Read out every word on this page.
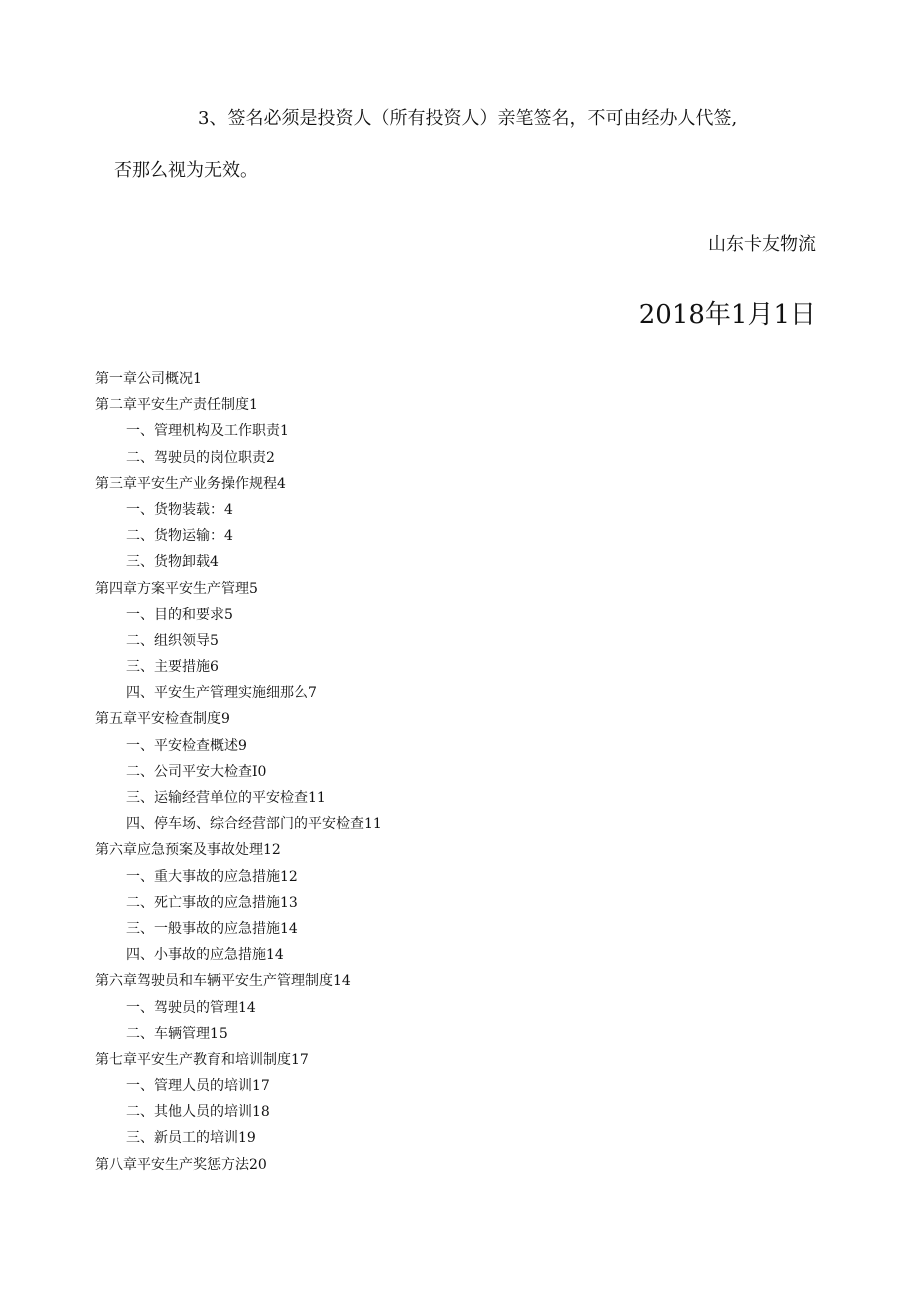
3、签名必须是投资人（所有投资人）亲笔签名，不可由经办人代签,
否那么视为无效。
山东卡友物流
2018年1月1日
第一章公司概况1
第二章平安生产责任制度1
一、管理机构及工作职责1
二、驾驶员的岗位职责2
第三章平安生产业务操作规程4
一、货物装载：4
二、货物运输：4
三、货物卸载4
第四章方案平安生产管理5
一、目的和要求5
二、组织领导5
三、主要措施6
四、平安生产管理实施细那么7
第五章平安检查制度9
一、平安检查概述9
二、公司平安大检查I0
三、运输经营单位的平安检查11
四、停车场、综合经营部门的平安检查11
第六章应急预案及事故处理12
一、重大事故的应急措施12
二、死亡事故的应急措施13
三、一般事故的应急措施14
四、小事故的应急措施14
第六章驾驶员和车辆平安生产管理制度14
一、驾驶员的管理14
二、车辆管理15
第七章平安生产教育和培训制度17
一、管理人员的培训17
二、其他人员的培训18
三、新员工的培训19
第八章平安生产奖惩方法20
